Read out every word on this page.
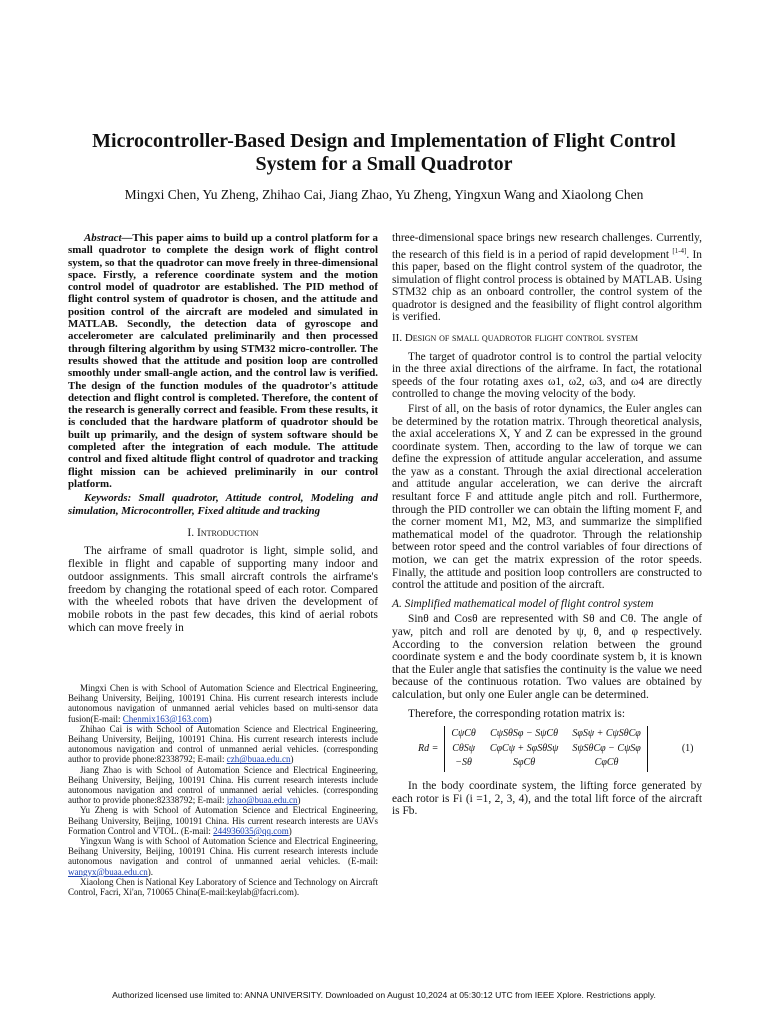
Microcontroller-Based Design and Implementation of Flight Control System for a Small Quadrotor
Mingxi Chen, Yu Zheng, Zhihao Cai, Jiang Zhao, Yu Zheng, Yingxun Wang and Xiaolong Chen

Abstract—This paper aims to build up a control platform for a small quadrotor to complete the design work of flight control system, so that the quadrotor can move freely in three-dimensional space. Firstly, a reference coordinate system and the motion control model of quadrotor are established. The PID method of flight control system of quadrotor is chosen, and the attitude and position control of the aircraft are modeled and simulated in MATLAB. Secondly, the detection data of gyroscope and accelerometer are calculated preliminarily and then processed through filtering algorithm by using STM32 micro-controller. The results showed that the attitude and position loop are controlled smoothly under small-angle action, and the control law is verified. The design of the function modules of the quadrotor's attitude detection and flight control is completed. Therefore, the content of the research is generally correct and feasible. From these results, it is concluded that the hardware platform of quadrotor should be built up primarily, and the design of system software should be completed after the integration of each module. The attitude control and fixed altitude flight control of quadrotor and tracking flight mission can be achieved preliminarily in our control platform.

Keywords: Small quadrotor, Attitude control, Modeling and simulation, Microcontroller, Fixed altitude and tracking

I. Introduction

The airframe of small quadrotor is light, simple solid, and flexible in flight and capable of supporting many indoor and outdoor assignments. This small aircraft controls the airframe's freedom by changing the rotational speed of each rotor. Compared with the wheeled robots that have driven the development of mobile robots in the past few decades, this kind of aerial robots which can move freely in

Mingxi Chen is with School of Automation Science and Electrical Engineering, Beihang University, Beijing, 100191 China. His current research interests include autonomous navigation of unmanned aerial vehicles based on multi-sensor data fusion(E-mail: Chenmix163@163.com)

Zhihao Cai is with School of Automation Science and Electrical Engineering, Beihang University, Beijing, 100191 China. His current research interests include autonomous navigation and control of unmanned aerial vehicles. (corresponding author to provide phone:82338792; E-mail: czh@buaa.edu.cn)

Jiang Zhao is with School of Automation Science and Electrical Engineering, Beihang University, Beijing, 100191 China. His current research interests include autonomous navigation and control of unmanned aerial vehicles. (corresponding author to provide phone:82338792; E-mail: jzhao@buaa.edu.cn)

Yu Zheng is with School of Automation Science and Electrical Engineering, Beihang University, Beijing, 100191 China. His current research interests are UAVs Formation Control and VTOL. (E-mail: 244936035@qq.com)

Yingxun Wang is with School of Automation Science and Electrical Engineering, Beihang University, Beijing, 100191 China. His current research interests include autonomous navigation and control of unmanned aerial vehicles. (E-mail: wangyx@buaa.edu.cn).

Xiaolong Chen is National Key Laboratory of Science and Technology on Aircraft Control, Facri, Xi'an, 710065 China(E-mail:keylab@facri.com).

three-dimensional space brings new research challenges. Currently, the research of this field is in a period of rapid development [1-4]. In this paper, based on the flight control system of the quadrotor, the simulation of flight control process is obtained by MATLAB. Using STM32 chip as an onboard controller, the control system of the quadrotor is designed and the feasibility of flight control algorithm is verified.

II. Design of small quadrotor flight control system

The target of quadrotor control is to control the partial velocity in the three axial directions of the airframe. In fact, the rotational speeds of the four rotating axes ω1, ω2, ω3, and ω4 are directly controlled to change the moving velocity of the body.

First of all, on the basis of rotor dynamics, the Euler angles can be determined by the rotation matrix. Through theoretical analysis, the axial accelerations X, Y and Z can be expressed in the ground coordinate system. Then, according to the law of torque we can define the expression of attitude angular acceleration, and assume the yaw as a constant. Through the axial directional acceleration and attitude angular acceleration, we can derive the aircraft resultant force F and attitude angle pitch and roll. Furthermore, through the PID controller we can obtain the lifting moment F, and the corner moment M1, M2, M3, and summarize the simplified mathematical model of the quadrotor. Through the relationship between rotor speed and the control variables of four directions of motion, we can get the matrix expression of the rotor speeds. Finally, the attitude and position loop controllers are constructed to control the attitude and position of the aircraft.

A. Simplified mathematical model of flight control system

Sinθ and Cosθ are represented with Sθ and Cθ. The angle of yaw, pitch and roll are denoted by ψ, θ, and φ respectively. According to the conversion relation between the ground coordinate system e and the body coordinate system b, it is known that the Euler angle that satisfies the continuity is the value we need because of the continuous rotation. Two values are obtained by calculation, but only one Euler angle can be determined.

Therefore, the corresponding rotation matrix is:

Rd =
CψCθ CψSθSφ − SψCθ SφSψ + CψSθCφ
CθSψ CφCψ + SφSθSψ SψSθCφ − CψSφ
−Sθ	SφCθ	CφCθ
(1)

In the body coordinate system, the lifting force generated by each rotor is Fi (i =1, 2, 3, 4), and the total lift force of the aircraft is Fb.

Authorized licensed use limited to: ANNA UNIVERSITY. Downloaded on August 10,2024 at 05:30:12 UTC from IEEE Xplore. Restrictions apply.
